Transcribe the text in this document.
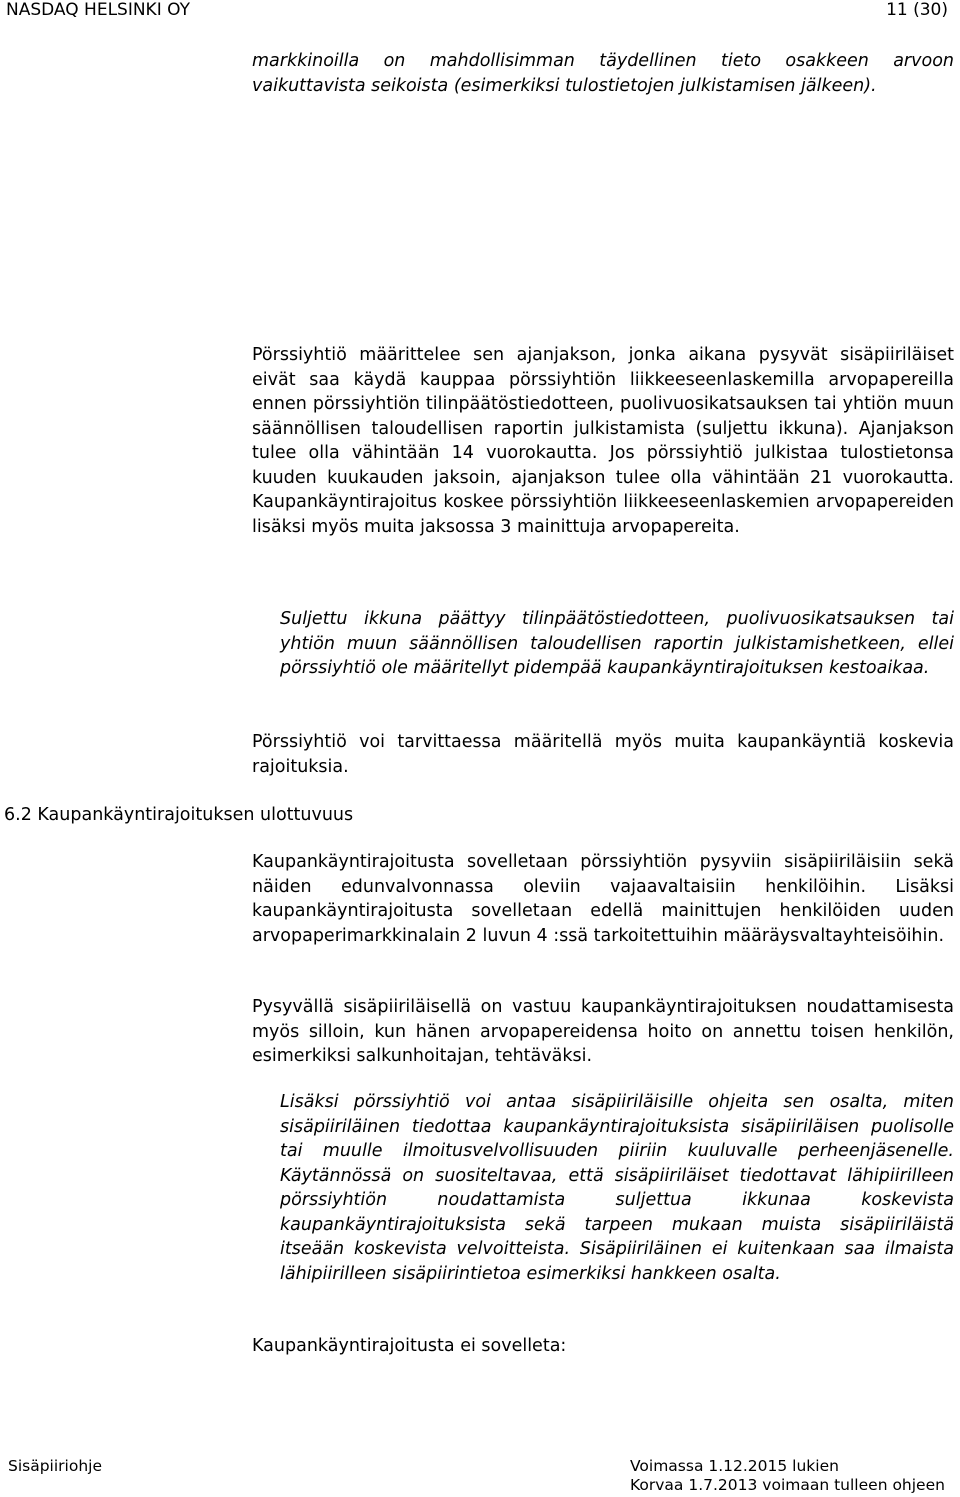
NASDAQ HELSINKI OY	11 (30)

markkinoilla on mahdollisimman täydellinen tieto osakkeen arvoon vaikuttavista seikoista (esimerkiksi tulostietojen julkistamisen jälkeen).

Pörssiyhtiö määrittelee sen ajanjakson, jonka aikana pysyvät sisäpiiriläiset eivät saa käydä kauppaa pörssiyhtiön liikkeeseenlaskemilla arvopapereilla ennen pörssiyhtiön tilinpäätöstiedotteen, puolivuosikatsauksen tai yhtiön muun säännöllisen taloudellisen raportin julkistamista (suljettu ikkuna). Ajanjakson tulee olla vähintään 14 vuorokautta. Jos pörssiyhtiö julkistaa tulostietonsa kuuden kuukauden jaksoin, ajanjakson tulee olla vähintään 21 vuorokautta. Kaupankäyntirajoitus koskee pörssiyhtiön liikkeeseenlaskemien arvopapereiden lisäksi myös muita jaksossa 3 mainittuja arvopapereita.

Suljettu ikkuna päättyy tilinpäätöstiedotteen, puolivuosikatsauksen tai yhtiön muun säännöllisen taloudellisen raportin julkistamishetkeen, ellei pörssiyhtiö ole määritellyt pidempää kaupankäyntirajoituksen kestoaikaa.

Pörssiyhtiö voi tarvittaessa määritellä myös muita kaupankäyntiä koskevia rajoituksia.

6.2 Kaupankäyntirajoituksen ulottuvuus

Kaupankäyntirajoitusta sovelletaan pörssiyhtiön pysyviin sisäpiiriläisiin sekä näiden edunvalvonnassa oleviin vajaavaltaisiin henkilöihin. Lisäksi kaupankäyntirajoitusta sovelletaan edellä mainittujen henkilöiden uuden arvopaperimarkkinalain 2 luvun 4 :ssä tarkoitettuihin määräysvaltayhteisöihin.

Pysyvällä sisäpiiriläisellä on vastuu kaupankäyntirajoituksen noudattamisesta myös silloin, kun hänen arvopapereidensa hoito on annettu toisen henkilön, esimerkiksi salkunhoitajan, tehtäväksi.

Lisäksi pörssiyhtiö voi antaa sisäpiiriläisille ohjeita sen osalta, miten sisäpiiriläinen tiedottaa kaupankäyntirajoituksista sisäpiiriläisen puolisolle tai muulle ilmoitusvelvollisuuden piiriin kuuluvalle perheenjäsenelle. Käytännössä on suositeltavaa, että sisäpiiriläiset tiedottavat lähipiirilleen pörssiyhtiön noudattamista suljettua ikkunaa koskevista kaupankäyntirajoituksista sekä tarpeen mukaan muista sisäpiiriläistä itseään koskevista velvoitteista. Sisäpiiriläinen ei kuitenkaan saa ilmaista lähipiirilleen sisäpiirintietoa esimerkiksi hankkeen osalta.

Kaupankäyntirajoitusta ei sovelleta:

Sisäpiiriohje	Voimassa 1.12.2015 lukien
Korvaa 1.7.2013 voimaan tulleen ohjeen
